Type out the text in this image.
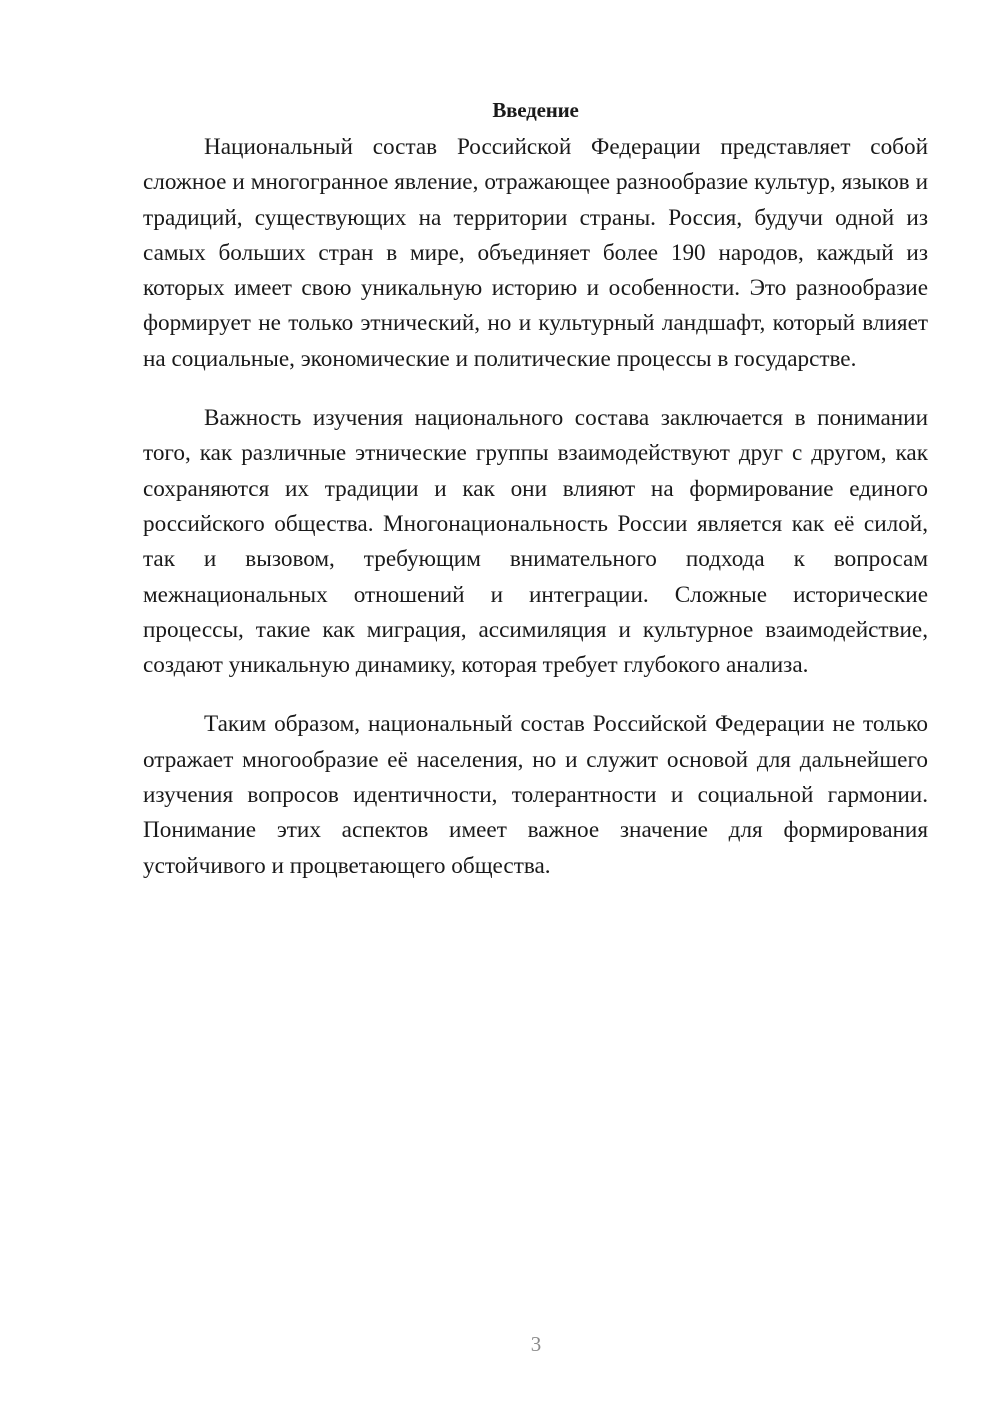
Введение

Национальный состав Российской Федерации представляет собой сложное и многогранное явление, отражающее разнообразие культур, языков и традиций, существующих на территории страны. Россия, будучи одной из самых больших стран в мире, объединяет более 190 народов, каждый из которых имеет свою уникальную историю и особенности. Это разнообразие формирует не только этнический, но и культурный ландшафт, который влияет на социальные, экономические и политические процессы в государстве.

Важность изучения национального состава заключается в понимании того, как различные этнические группы взаимодействуют друг с другом, как сохраняются их традиции и как они влияют на формирование единого российского общества. Многонациональность России является как её силой, так и вызовом, требующим внимательного подхода к вопросам межнациональных отношений и интеграции. Сложные исторические процессы, такие как миграция, ассимиляция и культурное взаимодействие, создают уникальную динамику, которая требует глубокого анализа.

Таким образом, национальный состав Российской Федерации не только отражает многообразие её населения, но и служит основой для дальнейшего изучения вопросов идентичности, толерантности и социальной гармонии. Понимание этих аспектов имеет важное значение для формирования устойчивого и процветающего общества.

3
